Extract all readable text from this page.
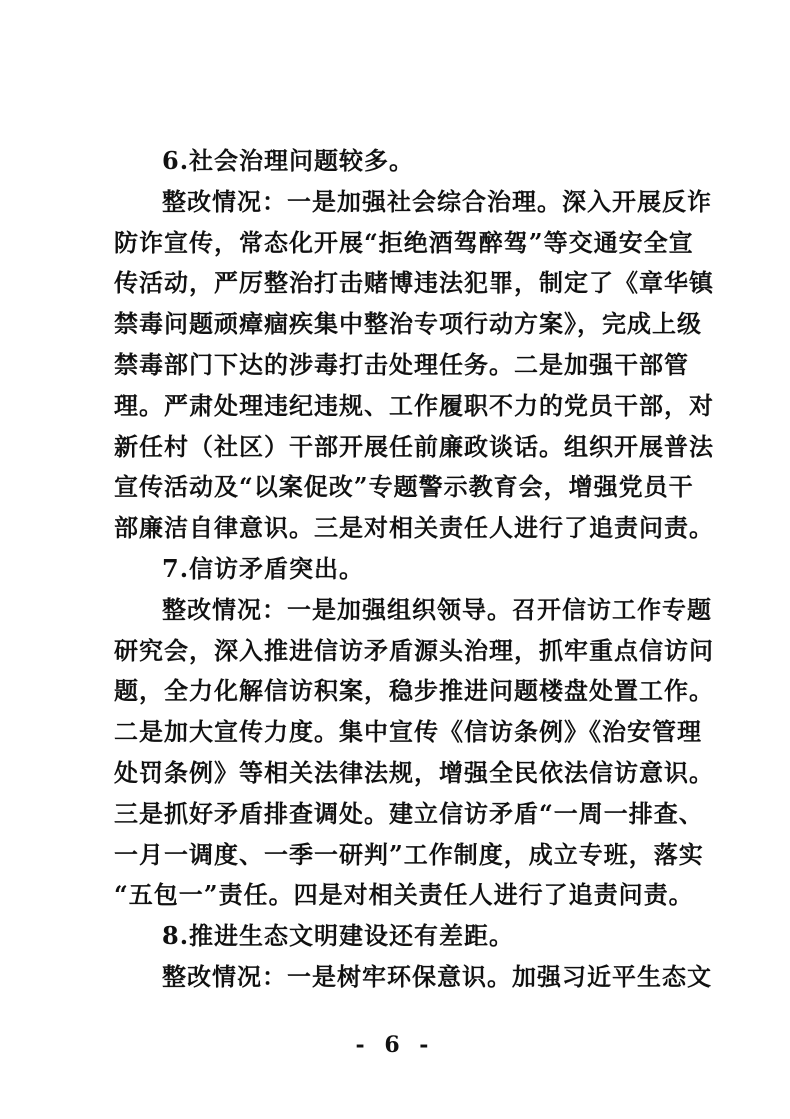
6.社会治理问题较多。
整改情况：一是加强社会综合治理。深入开展反诈
防诈宣传，常态化开展“拒绝酒驾醉驾”等交通安全宣
传活动，严厉整治打击赌博违法犯罪，制定了《章华镇
禁毒问题顽瘴痼疾集中整治专项行动方案》，完成上级
禁毒部门下达的涉毒打击处理任务。二是加强干部管
理。严肃处理违纪违规、工作履职不力的党员干部，对
新任村（社区）干部开展任前廉政谈话。组织开展普法
宣传活动及“以案促改”专题警示教育会，增强党员干
部廉洁自律意识。三是对相关责任人进行了追责问责。
7.信访矛盾突出。
整改情况：一是加强组织领导。召开信访工作专题
研究会，深入推进信访矛盾源头治理，抓牢重点信访问
题，全力化解信访积案，稳步推进问题楼盘处置工作。
二是加大宣传力度。集中宣传《信访条例》《治安管理
处罚条例》等相关法律法规，增强全民依法信访意识。
三是抓好矛盾排查调处。建立信访矛盾“一周一排查、
一月一调度、一季一研判”工作制度，成立专班，落实
“五包一”责任。四是对相关责任人进行了追责问责。
8.推进生态文明建设还有差距。
整改情况：一是树牢环保意识。加强习近平生态文
- 6 -
